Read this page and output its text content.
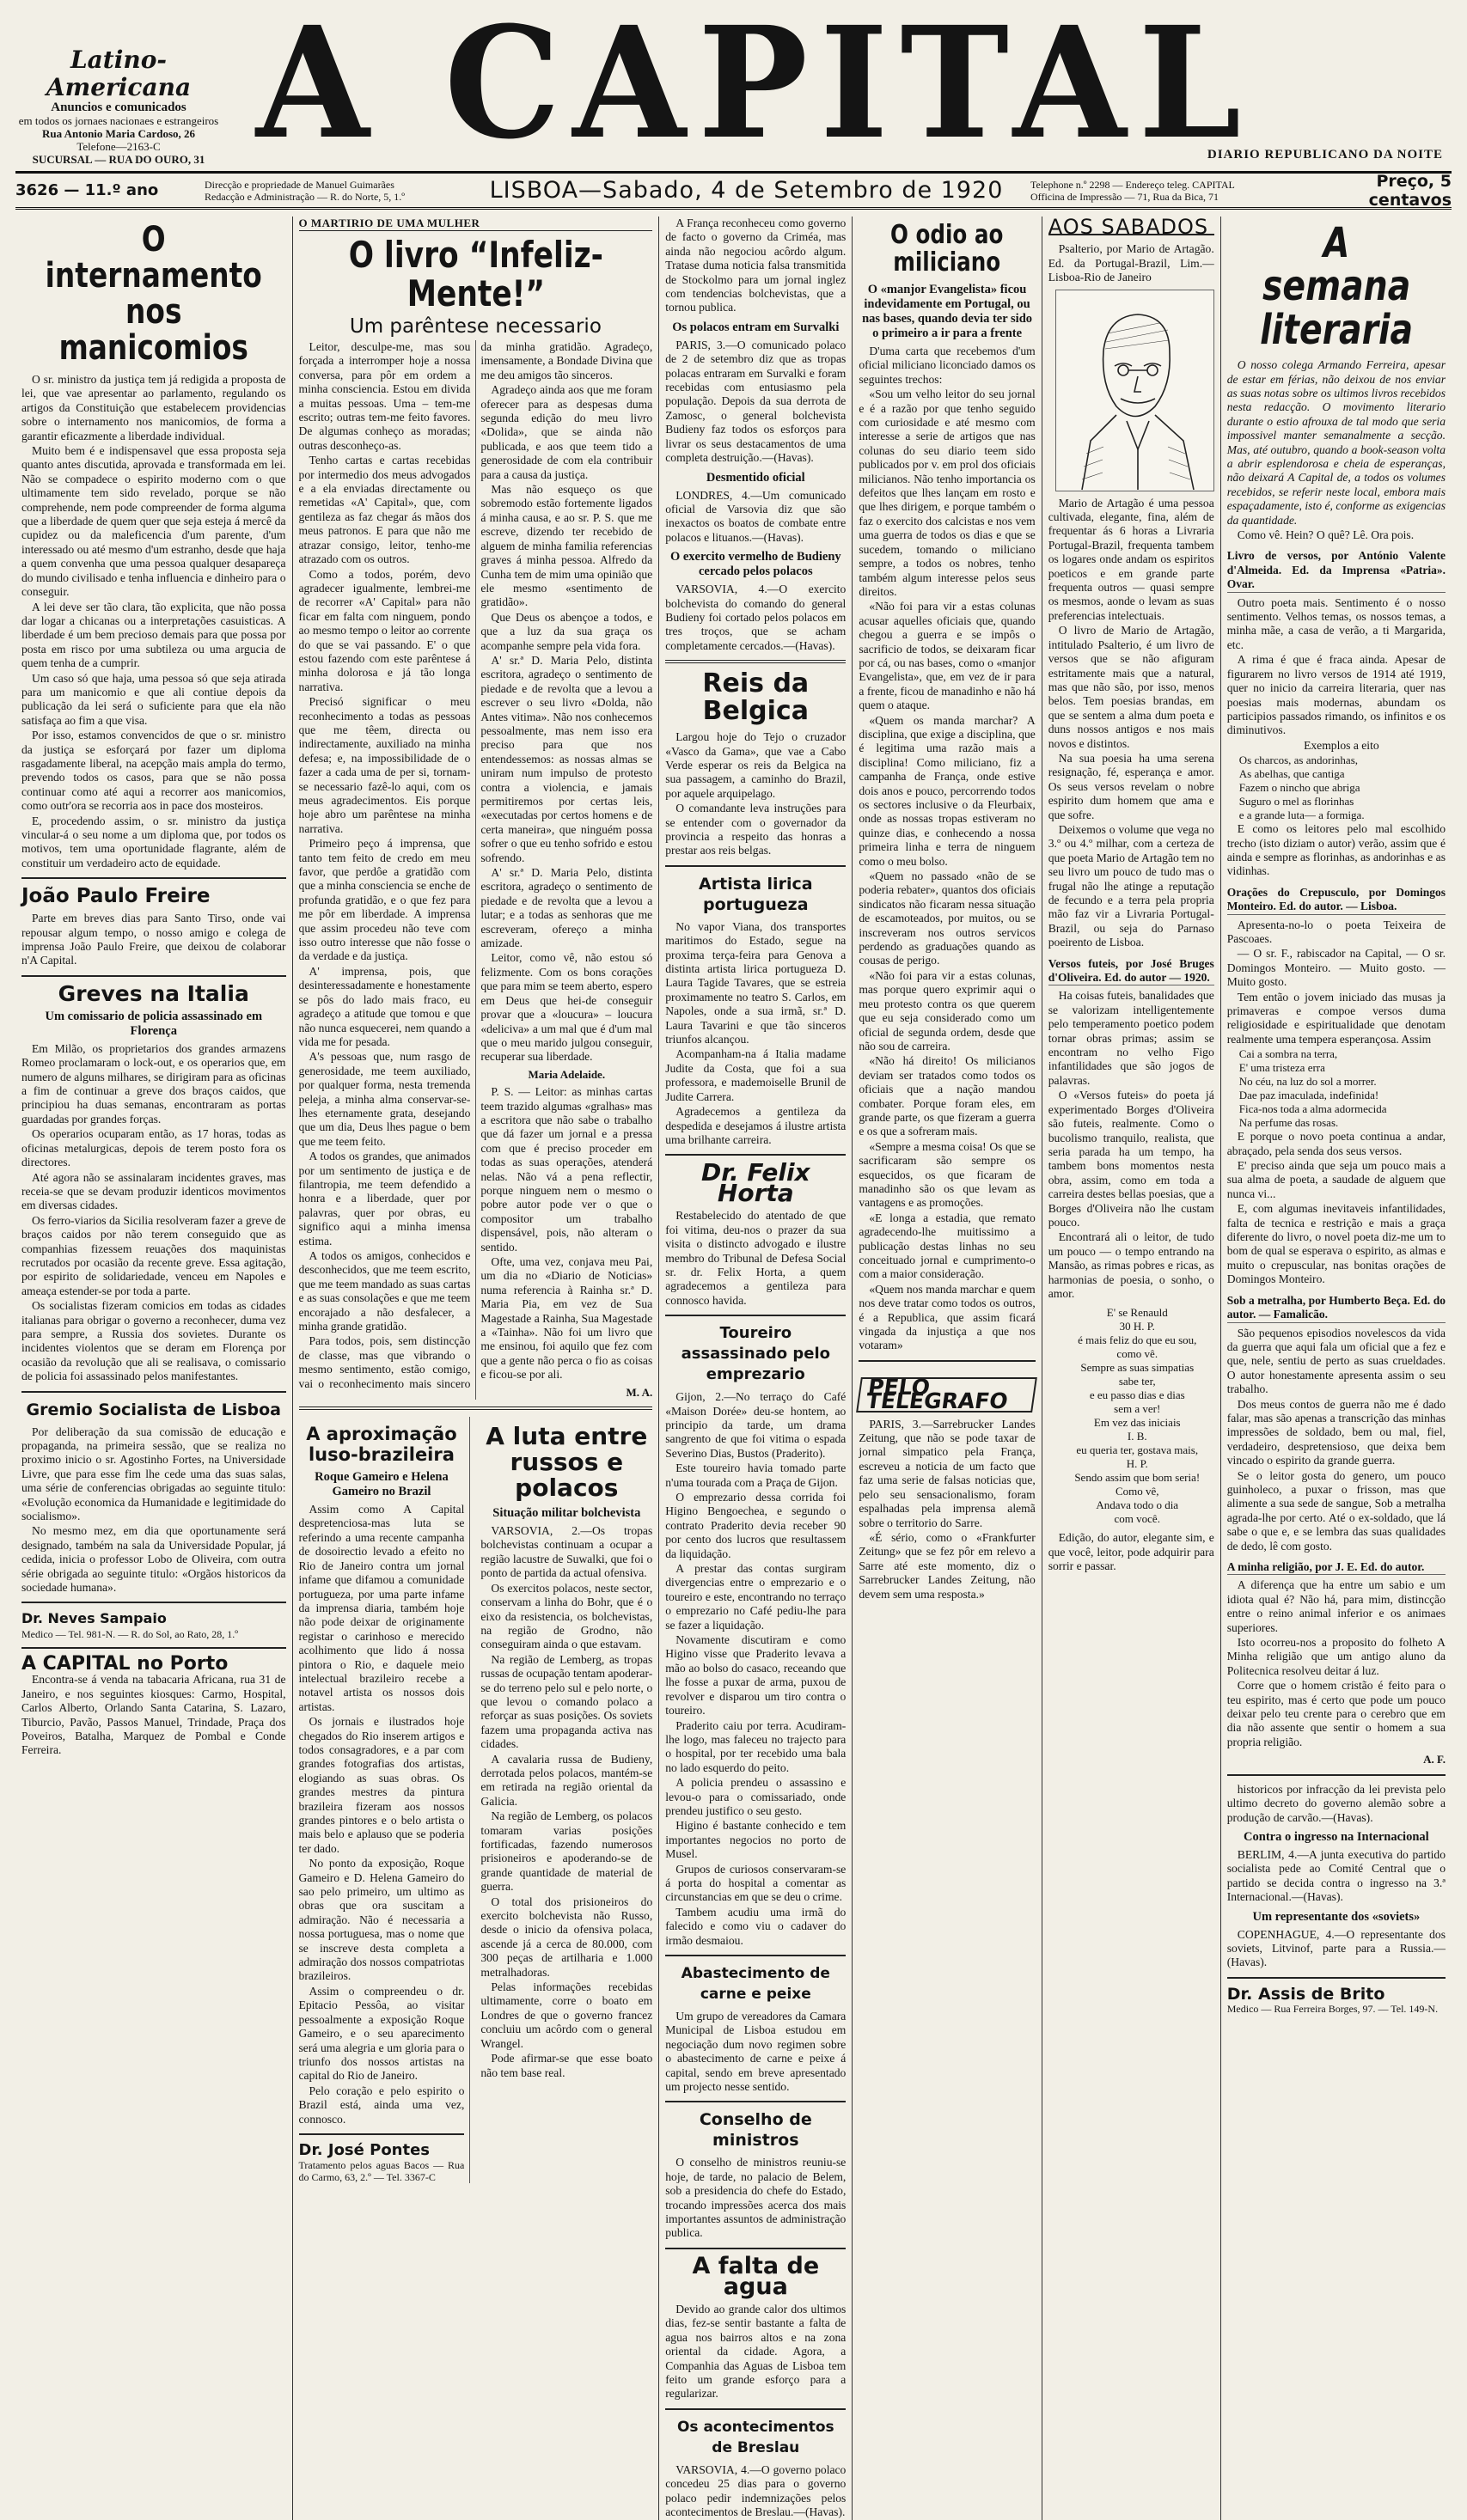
Latino-Americana
Anuncios e comunicados
em todos os jornaes nacionaes e estrangeiros
Rua Antonio Maria Cardoso, 26
Telefone—2163-C
SUCURSAL — RUA DO OURO, 31 A CAPITAL
DIARIO REPUBLICANO DA NOITE
3626 — 11.º ano	Direcção e propriedade de Manuel Guimarães
Redacção e Administração — R. do Norte, 5, 1.º	LISBOA—Sabado, 4 de Setembro de 1920	Telephone n.º 2298 — Endereço teleg. CAPITAL
Officina de Impressão — 71, Rua da Bica, 71
Preço, 5 centavos
O internamento nos manicomios

O sr. ministro da justiça tem já redigida a proposta de lei, que vae apresentar ao parlamento, regulando os artigos da Constituição que estabelecem providencias sobre o internamento nos manicomios, de forma a garantir eficazmente a liberdade individual.

Muito bem é e indispensavel que essa proposta seja quanto antes discutida, aprovada e transformada em lei. Não se compadece o espirito moderno com o que ultimamente tem sido revelado, porque se não comprehende, nem pode compreender de forma alguma que a liberdade de quem quer que seja esteja á mercê da cupidez ou da maleficencia d'um parente, d'um interessado ou até mesmo d'um estranho, desde que haja a quem convenha que uma pessoa qualquer desapareça do mundo civilisado e tenha influencia e dinheiro para o conseguir.

A lei deve ser tão clara, tão explicita, que não possa dar logar a chicanas ou a interpretações casuisticas. A liberdade é um bem precioso demais para que possa por posta em risco por uma subtileza ou uma argucia de quem tenha de a cumprir.

Um caso só que haja, uma pessoa só que seja atirada para um manicomio e que ali contiue depois da publicação da lei será o suficiente para que ela não satisfaça ao fim a que visa.

Por isso, estamos convencidos de que o sr. ministro da justiça se esforçará por fazer um diploma rasgadamente liberal, na acepção mais ampla do termo, prevendo todos os casos, para que se não possa continuar como até aqui a recorrer aos manicomios, como outr'ora se recorria aos in pace dos mosteiros.

E, procedendo assim, o sr. ministro da justiça vincular-á o seu nome a um diploma que, por todos os motivos, tem uma oportunidade flagrante, além de constituir um verdadeiro acto de equidade.

João Paulo Freire

Parte em breves dias para Santo Tirso, onde vai repousar algum tempo, o nosso amigo e colega de imprensa João Paulo Freire, que deixou de colaborar n'A Capital.

Greves na Italia
Um comissario de policia assassinado em Florença

Em Milão, os proprietarios dos grandes armazens Romeo proclamaram o lock-out, e os operarios que, em numero de alguns milhares, se dirigiram para as oficinas a fim de continuar a greve dos braços caidos, que principiou ha duas semanas, encontraram as portas guardadas por grandes forças.

Os operarios ocuparam então, as 17 horas, todas as oficinas metalurgicas, depois de terem posto fora os directores.

Até agora não se assinalaram incidentes graves, mas receia-se que se devam produzir identicos movimentos em diversas cidades.

Os ferro-viarios da Sicilia resolveram fazer a greve de braços caidos por não terem conseguido que as companhias fizessem reuações dos maquinistas recrutados por ocasião da recente greve. Essa agitação, por espirito de solidariedade, venceu em Napoles e ameaça estender-se por toda a parte.

Os socialistas fizeram comicios em todas as cidades italianas para obrigar o governo a reconhecer, duma vez para sempre, a Russia dos sovietes. Durante os incidentes violentos que se deram em Florença por ocasião da revolução que ali se realisava, o comissario de policia foi assassinado pelos manifestantes.

Gremio Socialista de Lisboa

Por deliberação da sua comissão de educação e propaganda, na primeira sessão, que se realiza no proximo inicio o sr. Agostinho Fortes, na Universidade Livre, que para esse fim lhe cede uma das suas salas, uma série de conferencias obrigadas ao seguinte titulo: «Evolução economica da Humanidade e legitimidade do socialismo».

No mesmo mez, em dia que oportunamente será designado, também na sala da Universidade Popular, já cedida, inicia o professor Lobo de Oliveira, com outra série obrigada ao seguinte titulo: «Orgãos historicos da sociedade humana».

Dr. Neves Sampaio
Medico — Tel. 981-N. — R. do Sol, ao Rato, 28, 1.º
A CAPITAL no Porto

Encontra-se á venda na tabacaria Africana, rua 31 de Janeiro, e nos seguintes kiosques: Carmo, Hospital, Carlos Alberto, Orlando Santa Catarina, S. Lazaro, Tiburcio, Pavão, Passos Manuel, Trindade, Praça dos Poveiros, Batalha, Marquez de Pombal e Conde Ferreira.

O MARTIRIO DE UMA MULHER
O livro “Infeliz-Mente!”
Um parêntese necessario

Leitor, desculpe-me, mas sou forçada a interromper hoje a nossa conversa, para pôr em ordem a minha consciencia. Estou em divida a muitas pessoas. Uma – tem-me escrito; outras tem-me feito favores. De algumas conheço as moradas; outras desconheço-as.

Tenho cartas e cartas recebidas por intermedio dos meus advogados e a ela enviadas directamente ou remetidas «A' Capital», que, com gentileza as faz chegar ás mãos dos meus patronos. E para que não me atrazar consigo, leitor, tenho-me atrazado com os outros.

Como a todos, porém, devo agradecer igualmente, lembrei-me de recorrer «A' Capital» para não ficar em falta com ninguem, pondo ao mesmo tempo o leitor ao corrente do que se vai passando. E' o que estou fazendo com este parêntese á minha dolorosa e já tão longa narrativa.

Precisó significar o meu reconhecimento a todas as pessoas que me têem, directa ou indirectamente, auxiliado na minha defesa; e, na impossibilidade de o fazer a cada uma de per si, tornam-se necessario fazê-lo aqui, com os meus agradecimentos. Eis porque hoje abro um parêntese na minha narrativa.

Primeiro peço á imprensa, que tanto tem feito de credo em meu favor, que perdôe a gratidão com que a minha consciencia se enche de profunda gratidão, e o que fez para me pôr em liberdade. A imprensa que assim procedeu não teve com isso outro interesse que não fosse o da verdade e da justiça.

A' imprensa, pois, que desinteressadamente e honestamente se pôs do lado mais fraco, eu agradeço a atitude que tomou e que não nunca esquecerei, nem quando a vida me for pesada.

A's pessoas que, num rasgo de generosidade, me teem auxiliado, por qualquer forma, nesta tremenda peleja, a minha alma conservar-se-lhes eternamente grata, desejando que um dia, Deus lhes pague o bem que me teem feito.

A todos os grandes, que animados por um sentimento de justiça e de filantropia, me teem defendido a honra e a liberdade, quer por palavras, quer por obras, eu significo aqui a minha imensa estima.

A todos os amigos, conhecidos e desconhecidos, que me teem escrito, que me teem mandado as suas cartas e as suas consolações e que me teem encorajado a não desfalecer, a minha grande gratidão.

Para todos, pois, sem distincção de classe, mas que vibrando o mesmo sentimento, estão comigo, vai o reconhecimento mais sincero da minha gratidão. Agradeço, imensamente, a Bondade Divina que me deu amigos tão sinceros.

Agradeço ainda aos que me foram oferecer para as despesas duma segunda edição do meu livro «Dolida», que se ainda não publicada, e aos que teem tido a generosidade de com ela contribuir para a causa da justiça.

Mas não esqueço os que sobremodo estão fortemente ligados á minha causa, e ao sr. P. S. que me escreve, dizendo ter recebido de alguem de minha familia referencias graves á minha pessoa. Alfredo da Cunha tem de mim uma opinião que ele mesmo «sentimento de gratidão».

Que Deus os abençoe a todos, e que a luz da sua graça os acompanhe sempre pela vida fora.

A' sr.ª D. Maria Pelo, distinta escritora, agradeço o sentimento de piedade e de revolta que a levou a escrever o seu livro «Dolda, não Antes vitima». Não nos conhecemos pessoalmente, mas nem isso era preciso para que nos entendessemos: as nossas almas se uniram num impulso de protesto contra a violencia, e jamais permitiremos por certas leis, «executadas por certos homens e de certa maneira», que ninguém possa sofrer o que eu tenho sofrido e estou sofrendo.

A' sr.ª D. Maria Pelo, distinta escritora, agradeço o sentimento de piedade e de revolta que a levou a lutar; e a todas as senhoras que me escreveram, ofereço a minha amizade.

Leitor, como vê, não estou só felizmente. Com os bons corações que para mim se teem aberto, espero em Deus que hei-de conseguir provar que a «loucura» – loucura «deliciva» a um mal que é d'um mal que o meu marido julgou conseguir, recuperar sua liberdade.

Maria Adelaide.

P. S. — Leitor: as minhas cartas teem trazido algumas «gralhas» mas a escritora que não sabe o trabalho que dá fazer um jornal e a pressa com que é preciso proceder em todas as suas operações, atenderá nelas. Não vá a pena reflectir, porque ninguem nem o mesmo o pobre autor pode ver o que o compositor um trabalho dispensável, pois, não alteram o sentido.

Ofte, uma vez, conjava meu Pai, um dia no «Diario de Noticias» numa referencia à Rainha sr.ª D. Maria Pia, em vez de Sua Magestade a Rainha, Sua Magestade a «Tainha». Não foi um livro que me ensinou, foi aquilo que fez com que a gente não perca o fio as coisas e ficou-se por ali.

M. A.
A aproximação luso-brazileira
Roque Gameiro e Helena Gameiro no Brazil

Assim como A Capital despretenciosa-mas luta se referindo a uma recente campanha de dosoirectio levado a efeito no Rio de Janeiro contra um jornal infame que difamou a comunidade portugueza, por uma parte infame da imprensa diaria, também hoje não pode deixar de originamente registar o carinhoso e merecido acolhimento que lido á nossa pintora o Rio, e daquele meio intelectual brazileiro recebe a notavel artista os nossos dois artistas.

Os jornais e ilustrados hoje chegados do Rio inserem artigos e todos consagradores, e a par com grandes fotografias dos artistas, elogiando as suas obras. Os grandes mestres da pintura brazileira fizeram aos nossos grandes pintores e o belo artista o mais belo e aplauso que se poderia ter dado.

No ponto da exposição, Roque Gameiro e D. Helena Gameiro do sao pelo primeiro, um ultimo as obras que ora suscitam a admiração. Não é necessaria a nossa portuguesa, mas o nome que se inscreve desta completa a admiração dos nossos compatriotas brazileiros.

Assim o compreendeu o dr. Epitacio Pessôa, ao visitar pessoalmente a exposição Roque Gameiro, e o seu aparecimento será uma alegria e um gloria para o triunfo dos nossos artistas na capital do Rio de Janeiro.

Pelo coração e pelo espirito o Brazil está, ainda uma vez, connosco.

Dr. José Pontes
Tratamento pelos aguas Bacos — Rua do Carmo, 63, 2.º — Tel. 3367-C
A luta entre russos e polacos
Situação militar bolchevista

VARSOVIA, 2.—Os tropas bolchevistas continuam a ocupar a região lacustre de Suwalki, que foi o ponto de partida da actual ofensiva.

Os exercitos polacos, neste sector, conservam a linha do Bohr, que é o eixo da resistencia, os bolchevistas, na região de Grodno, não conseguiram ainda o que estavam.

Na região de Lemberg, as tropas russas de ocupação tentam apoderar-se do terreno pelo sul e pelo norte, o que levou o comando polaco a reforçar as suas posições. Os soviets fazem uma propaganda activa nas cidades.

A cavalaria russa de Budieny, derrotada pelos polacos, mantém-se em retirada na região oriental da Galicia.

Na região de Lemberg, os polacos tomaram varias posições fortificadas, fazendo numerosos prisioneiros e apoderando-se de grande quantidade de material de guerra.

O total dos prisioneiros do exercito bolchevista não Russo, desde o inicio da ofensiva polaca, ascende já a cerca de 80.000, com 300 peças de artilharia e 1.000 metralhadoras.

Pelas informações recebidas ultimamente, corre o boato em Londres de que o governo francez concluiu um acôrdo com o general Wrangel.

Pode afirmar-se que esse boato não tem base real.

A França reconheceu como governo de facto o governo da Criméa, mas ainda não negociou acôrdo algum. Tratase duma noticia falsa transmitida de Stockolmo para um jornal inglez com tendencias bolchevistas, que a tornou publica.

Os polacos entram em Survalki

PARIS, 3.—O comunicado polaco de 2 de setembro diz que as tropas polacas entraram em Survalki e foram recebidas com entusiasmo pela população. Depois da sua derrota de Zamosc, o general bolchevista Budieny faz todos os esforços para livrar os seus destacamentos de uma completa destruição.—(Havas).

Desmentido oficial

LONDRES, 4.—Um comunicado oficial de Varsovia diz que são inexactos os boatos de combate entre polacos e lituanos.—(Havas).

O exercito vermelho de Budieny cercado pelos polacos

VARSOVIA, 4.—O exercito bolchevista do comando do general Budieny foi cortado pelos polacos em tres troços, que se acham completamente cercados.—(Havas).

Reis da Belgica

Largou hoje do Tejo o cruzador «Vasco da Gama», que vae a Cabo Verde esperar os reis da Belgica na sua passagem, a caminho do Brazil, por aquele arquipelago.

O comandante leva instruções para se entender com o governador da provincia a respeito das honras a prestar aos reis belgas.

Artista lirica portugueza

No vapor Viana, dos transportes maritimos do Estado, segue na proxima terça-feira para Genova a distinta artista lirica portugueza D. Laura Tagide Tavares, que se estreia proximamente no teatro S. Carlos, em Napoles, onde a sua irmã, sr.ª D. Laura Tavarini e que tão sinceros triunfos alcançou.

Acompanham-na á Italia madame Judite da Costa, que foi a sua professora, e mademoiselle Brunil de Judite Carrera.

Agradecemos a gentileza da despedida e desejamos á ilustre artista uma brilhante carreira.

Dr. Felix Horta

Restabelecido do atentado de que foi vitima, deu-nos o prazer da sua visita o distincto advogado e ilustre membro do Tribunal de Defesa Social sr. dr. Felix Horta, a quem agradecemos a gentileza para connosco havida.

Toureiro assassinado pelo emprezario

Gijon, 2.—No terraço do Café «Maison Dorée» deu-se hontem, ao principio da tarde, um drama sangrento de que foi vitima o espada Severino Dias, Bustos (Praderito).

Este toureiro havia tomado parte n'uma tourada com a Praça de Gijon.

O emprezario dessa corrida foi Higino Bengoechea, e segundo o contrato Praderito devia receber 90 por cento dos lucros que resultassem da liquidação.

A prestar das contas surgiram divergencias entre o emprezario e o toureiro e este, encontrando no terraço o emprezario no Café pediu-lhe para se fazer a liquidação.

Novamente discutiram e como Higino visse que Praderito levava a mão ao bolso do casaco, receando que lhe fosse a puxar de arma, puxou de revolver e disparou um tiro contra o toureiro.

Praderito caiu por terra. Acudiram-lhe logo, mas faleceu no trajecto para o hospital, por ter recebido uma bala no lado esquerdo do peito.

A policia prendeu o assassino e levou-o para o comissariado, onde prendeu justifico o seu gesto.

Higino é bastante conhecido e tem importantes negocios no porto de Musel.

Grupos de curiosos conservaram-se á porta do hospital a comentar as circunstancias em que se deu o crime.

Tambem acudiu uma irmã do falecido e como viu o cadaver do irmão desmaiou.

Abastecimento de carne e peixe

Um grupo de vereadores da Camara Municipal de Lisboa estudou em negociação dum novo regimen sobre o abastecimento de carne e peixe á capital, sendo em breve apresentado um projecto nesse sentido.

Conselho de ministros

O conselho de ministros reuniu-se hoje, de tarde, no palacio de Belem, sob a presidencia do chefe do Estado, trocando impressões acerca dos mais importantes assuntos de administração publica.

A falta de agua

Devido ao grande calor dos ultimos dias, fez-se sentir bastante a falta de agua nos bairros altos e na zona oriental da cidade. Agora, a Companhia das Aguas de Lisboa tem feito um grande esforço para a regularizar.

Os acontecimentos de Breslau

VARSOVIA, 4.—O governo polaco concedeu 25 dias para o governo polaco pedir indemnizações pelos acontecimentos de Breslau.—(Havas).

O odio ao miliciano
O «manjor Evangelista» ficou indevidamente em Portugal, ou nas bases, quando devia ter sido o primeiro a ir para a frente

D'uma carta que recebemos d'um oficial miliciano liconciado damos os seguintes trechos:

«Sou um velho leitor do seu jornal e é a razão por que tenho seguido com curiosidade e até mesmo com interesse a serie de artigos que nas colunas do seu diario teem sido publicados por v. em prol dos oficiais milicianos. Não tenho importancia os defeitos que lhes lançam em rosto e que lhes dirigem, e porque também o faz o exercito dos calcistas e nos vem uma guerra de todos os dias e que se sucedem, tomando o miliciano sempre, a todos os nobres, tenho também algum interesse pelos seus direitos.

«Não foi para vir a estas colunas acusar aquelles oficiais que, quando chegou a guerra e se impôs o sacrificio de todos, se deixaram ficar por cá, ou nas bases, como o «manjor Evangelista», que, em vez de ir para a frente, ficou de manadinho e não há quem o ataque.

«Quem os manda marchar? A disciplina, que exige a disciplina, que é legitima uma razão mais a disciplina! Como miliciano, fiz a campanha de França, onde estive dois anos e pouco, percorrendo todos os sectores inclusive o da Fleurbaix, onde as nossas tropas estiveram no quinze dias, e conhecendo a nossa primeira linha e terra de ninguem como o meu bolso.

«Quem no passado «não de se poderia rebater», quantos dos oficiais sindicatos não ficaram nessa situação de escamoteados, por muitos, ou se inscreveram nos outros servicos perdendo as graduações quando as cousas de perigo.

«Não foi para vir a estas colunas, mas porque quero exprimir aqui o meu protesto contra os que querem que eu seja considerado como um oficial de segunda ordem, desde que não sou de carreira.

«Não há direito! Os milicianos deviam ser tratados como todos os oficiais que a nação mandou combater. Porque foram eles, em grande parte, os que fizeram a guerra e os que a sofreram mais.

«Sempre a mesma coisa! Os que se sacrificaram são sempre os esquecidos, os que ficaram de manadinho são os que levam as vantagens e as promoções.

«E longa a estadia, que remato agradecendo-lhe muitissimo a publicação destas linhas no seu conceituado jornal e cumprimento-o com a maior consideração.

«Quem nos manda marchar e quem nos deve tratar como todos os outros, é a Republica, que assim ficará vingada da injustiça a que nos votaram»

PELO TELEGRAFO

PARIS, 3.—Sarrebrucker Landes Zeitung, que não se pode taxar de jornal simpatico pela França, escreveu a noticia de um facto que faz uma serie de falsas noticias que, pelo seu sensacionalismo, foram espalhadas pela imprensa alemã sobre o territorio do Sarre.

«É sério, como o «Frankfurter Zeitung» que se fez pôr em relevo a Sarre até este momento, diz o Sarrebrucker Landes Zeitung, não devem sem uma resposta.»

AOS SABADOS

Psalterio, por Mario de Artagão. Ed. da Portugal-Brazil, Lim.—Lisboa-Rio de Janeiro

Mario de Artagão é uma pessoa cultivada, elegante, fina, além de frequentar ás 6 horas a Livraria Portugal-Brazil, frequenta tambem os logares onde andam os espiritos poeticos e em grande parte frequenta outros — quasi sempre os mesmos, aonde o levam as suas preferencias intelectuais.

O livro de Mario de Artagão, intitulado Psalterio, é um livro de versos que se não afiguram estritamente mais que a natural, mas que não são, por isso, menos belos. Tem poesias brandas, em que se sentem a alma dum poeta e duns nossos antigos e nos mais novos e distintos.

Na sua poesia ha uma serena resignação, fé, esperança e amor. Os seus versos revelam o nobre espirito dum homem que ama e que sofre.

Deixemos o volume que vega no 3.º ou 4.º milhar, com a certeza de que poeta Mario de Artagão tem no seu livro um pouco de tudo mas o frugal não lhe atinge a reputação de fecundo e a terra pela propria mão faz vir a Livraria Portugal-Brazil, ou seja do Parnaso poeirento de Lisboa.

Versos futeis, por José Bruges d'Oliveira. Ed. do autor — 1920.

Ha coisas futeis, banalidades que se valorizam intelligentemente pelo temperamento poetico podem tornar obras primas; assim se encontram no velho Figo infantilidades que são jogos de palavras.

O «Versos futeis» do poeta já experimentado Borges d'Oliveira são futeis, realmente. Como o bucolismo tranquilo, realista, que seria parada ha um tempo, ha tambem bons momentos nesta obra, assim, como em toda a carreira destes bellas poesias, que a Borges d'Oliveira não lhe custam pouco.

Encontrará ali o leitor, de tudo um pouco — o tempo entrando na Mansão, as rimas pobres e ricas, as harmonias de poesia, o sonho, o amor.

E' se Renauld
30 H. P.
é mais feliz do que eu sou,
como vê.
Sempre as suas simpatias
sabe ter,
e eu passo dias e dias
sem a ver!
Em vez das iniciais
I. B.
eu queria ter, gostava mais,
H. P.
Sendo assim que bom seria!
Como vê,
Andava todo o dia
com você.

Edição, do autor, elegante sim, e que você, leitor, pode adquirir para sorrir e passar.

A semana literaria

O nosso colega Armando Ferreira, apesar de estar em férias, não deixou de nos enviar as suas notas sobre os ultimos livros recebidos nesta redacção. O movimento literario durante o estio afrouxa de tal modo que seria impossivel manter semanalmente a secção. Mas, até outubro, quando a book-season volta a abrir esplendorosa e cheia de esperanças, não deixará A Capital de, a todos os volumes recebidos, se referir neste local, embora mais espaçadamente, isto é, conforme as exigencias da quantidade.

Como vê. Hein? O quê? Lê. Ora pois.

Livro de versos, por António Valente d'Almeida. Ed. da Imprensa «Patria». Ovar.

Outro poeta mais. Sentimento é o nosso sentimento. Velhos temas, os nossos temas, a minha mãe, a casa de verão, a ti Margarida, etc.

A rima é que é fraca ainda. Apesar de figurarem no livro versos de 1914 até 1919, quer no inicio da carreira literaria, quer nas poesias mais modernas, abundam os participios passados rimando, os infinitos e os diminutivos.

Exemplos a eito

Os charcos, as andorinhas,
As abelhas, que cantiga
Fazem o nincho que abriga
Suguro o mel as florinhas
e a grande luta— a formiga.

E como os leitores pelo mal escolhido trecho (isto diziam o autor) verão, assim que é ainda e sempre as florinhas, as andorinhas e as vidinhas.

Orações do Crepusculo, por Domingos Monteiro. Ed. do autor. — Lisboa.

Apresenta-no-lo o poeta Teixeira de Pascoaes.

— O sr. F., rabiscador na Capital, — O sr. Domingos Monteiro. — Muito gosto. — Muito gosto.

Tem então o jovem iniciado das musas ja primaveras e compoe versos duma religiosidade e espiritualidade que denotam realmente uma tempera esperançosa. Assim

Cai a sombra na terra,
E' uma tristeza erra
No céu, na luz do sol a morrer.
Dae paz imaculada, indefinida!
Fica-nos toda a alma adormecida
Na perfume das rosas.

E porque o novo poeta continua a andar, abraçado, pela senda dos seus versos.

E' preciso ainda que seja um pouco mais a sua alma de poeta, a saudade de alguem que nunca vi...

E, com algumas inevitaveis infantilidades, falta de tecnica e restrição e mais a graça diferente do livro, o novel poeta diz-me um to bom de qual se esperava o espirito, as almas e muito o crepuscular, nas bonitas orações de Domingos Monteiro.

Sob a metralha, por Humberto Beça. Ed. do autor. — Famalicão.

São pequenos episodios novelescos da vida da guerra que aqui fala um oficial que a fez e que, nele, sentiu de perto as suas crueldades. O autor honestamente apresenta assim o seu trabalho.

Dos meus contos de guerra não me é dado falar, mas são apenas a transcrição das minhas impressões de soldado, bem ou mal, fiel, verdadeiro, despretensioso, que deixa bem vincado o espirito da grande guerra.

Se o leitor gosta do genero, um pouco guinholeco, a puxar o frisson, mas que alimente a sua sede de sangue, Sob a metralha agrada-lhe por certo. Até o ex-soldado, que lá sabe o que e, e se lembra das suas qualidades de dedo, lê com gosto.

A minha religião, por J. E. Ed. do autor.

A diferença que ha entre um sabio e um idiota qual é? Não há, para mim, distincção entre o reino animal inferior e os animaes superiores.

Isto ocorreu-nos a proposito do folheto A Minha religião que um antigo aluno da Politecnica resolveu deitar á luz.

Corre que o homem cristão é feito para o teu espirito, mas é certo que pode um pouco deixar pelo teu crente para o cerebro que em dia não assente que sentir o homem a sua propria religião.

A. F.

historicos por infracção da lei prevista pelo ultimo decreto do governo alemão sobre a produção de carvão.—(Havas).

Contra o ingresso na Internacional

BERLIM, 4.—A junta executiva do partido socialista pede ao Comité Central que o partido se decida contra o ingresso na 3.ª Internacional.—(Havas).

Um representante dos «soviets»

COPENHAGUE, 4.—O representante dos soviets, Litvinof, parte para a Russia.—(Havas).

Dr. Assis de Brito
Medico — Rua Ferreira Borges, 97. — Tel. 149-N.
